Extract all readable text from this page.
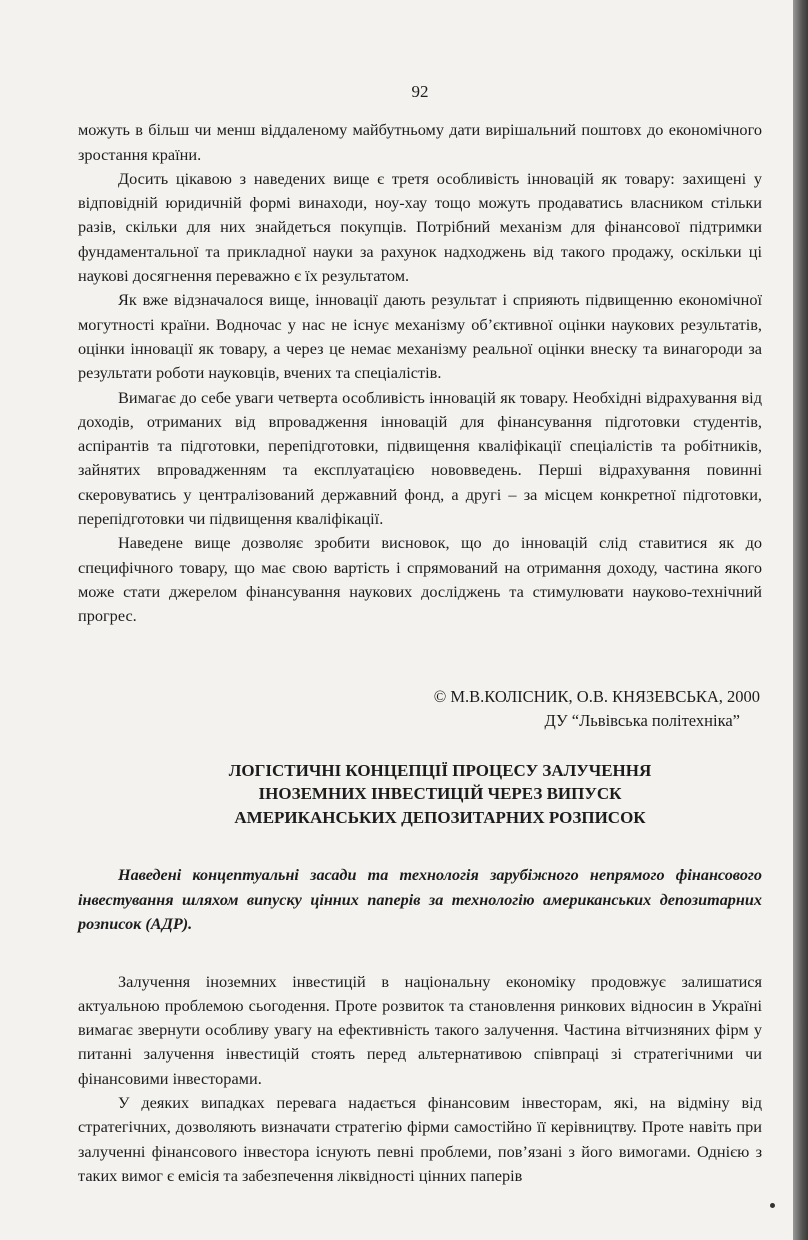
92

можуть в більш чи менш віддаленому майбутньому дати вирішальний поштовх до економічного зростання країни.

Досить цікавою з наведених вище є третя особливість інновацій як товару: захищені у відповідній юридичній формі винаходи, ноу-хау тощо можуть продаватись власником стільки разів, скільки для них знайдеться покупців. Потрібний механізм для фінансової підтримки фундаментальної та прикладної науки за рахунок надходжень від такого продажу, оскільки ці наукові досягнення переважно є їх результатом.

Як вже відзначалося вище, інновації дають результат і сприяють підвищенню економічної могутності країни. Водночас у нас не існує механізму об’єктивної оцінки наукових результатів, оцінки інновації як товару, а через це немає механізму реальної оцінки внеску та винагороди за результати роботи науковців, вчених та спеціалістів.

Вимагає до себе уваги четверта особливість інновацій як товару. Необхідні відрахування від доходів, отриманих від впровадження інновацій для фінансування підготовки студентів, аспірантів та підготовки, перепідготовки, підвищення кваліфікації спеціалістів та робітників, зайнятих впровадженням та експлуатацією нововведень. Перші відрахування повинні скеровуватись у централізований державний фонд, а другі – за місцем конкретної підготовки, перепідготовки чи підвищення кваліфікації.

Наведене вище дозволяє зробити висновок, що до інновацій слід ставитися як до специфічного товару, що має свою вартість і спрямований на отримання доходу, частина якого може стати джерелом фінансування наукових досліджень та стимулювати науково-технічний прогрес.

© М.В.КОЛІСНИК, О.В. КНЯЗЕВСЬКА, 2000
ДУ “Львівська політехніка”
ЛОГІСТИЧНІ КОНЦЕПЦІЇ ПРОЦЕСУ ЗАЛУЧЕННЯ
ІНОЗЕМНИХ ІНВЕСТИЦІЙ ЧЕРЕЗ ВИПУСК
АМЕРИКАНСЬКИХ ДЕПОЗИТАРНИХ РОЗПИСОК
Наведені концептуальні засади та технологія зарубіжного непрямого фінансового інвестування шляхом випуску цінних паперів за технологію американських депозитарних розписок (АДР).

Залучення іноземних інвестицій в національну економіку продовжує залишатися актуальною проблемою сьогодення. Проте розвиток та становлення ринкових відносин в Україні вимагає звернути особливу увагу на ефективність такого залучення. Частина вітчизняних фірм у питанні залучення інвестицій стоять перед альтернативою співпраці зі стратегічними чи фінансовими інвесторами.

У деяких випадках перевага надається фінансовим інвесторам, які, на відміну від стратегічних, дозволяють визначати стратегію фірми самостійно її керівництву. Проте навіть при залученні фінансового інвестора існують певні проблеми, пов’язані з його вимогами. Однією з таких вимог є емісія та забезпечення ліквідності цінних паперів
